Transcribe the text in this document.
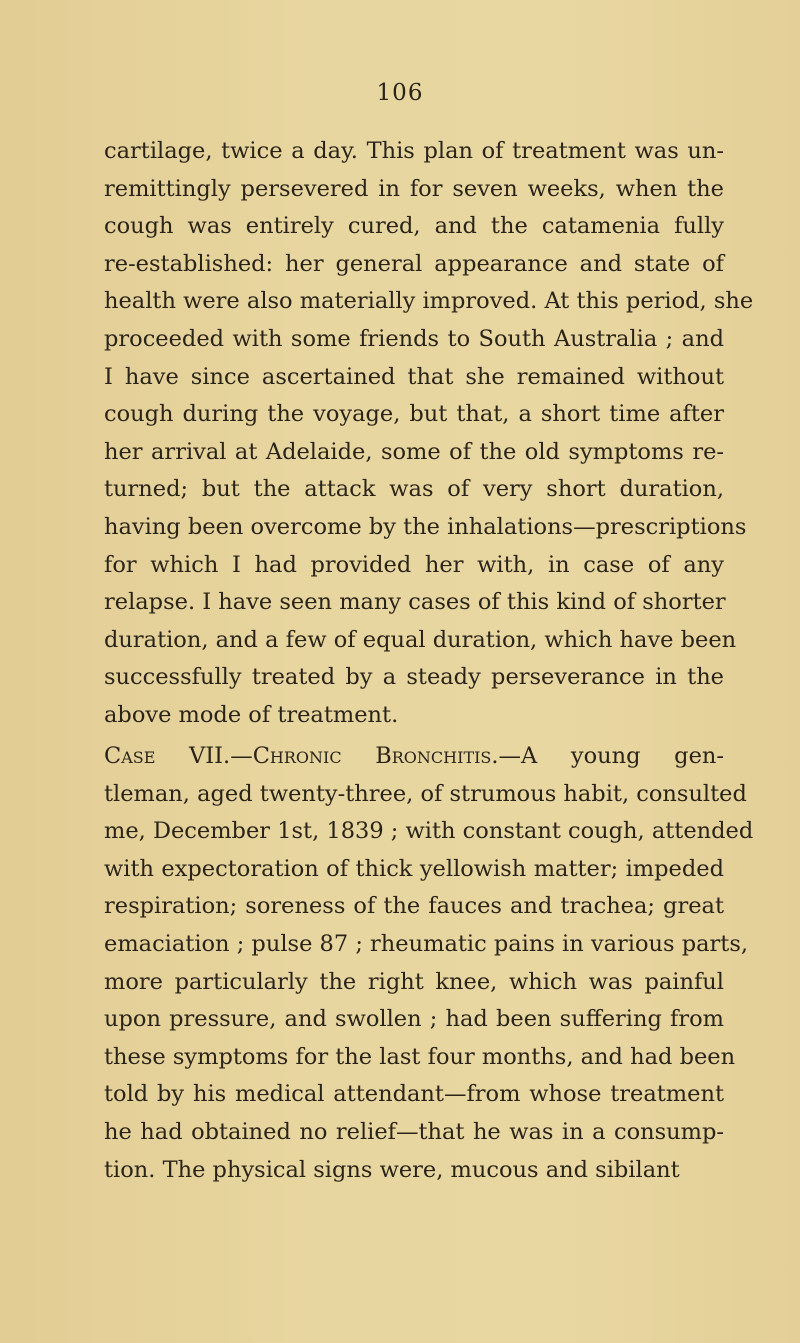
106
cartilage, twice a day. This plan of treatment was un-
remittingly persevered in for seven weeks, when the
cough was entirely cured, and the catamenia fully
re-established: her general appearance and state of
health were also materially improved. At this period, she
proceeded with some friends to South Australia ; and
I have since ascertained that she remained without
cough during the voyage, but that, a short time after
her arrival at Adelaide, some of the old symptoms re-
turned; but the attack was of very short duration,
having been overcome by the inhalations—prescriptions
for which I had provided her with, in case of any
relapse. I have seen many cases of this kind of shorter
duration, and a few of equal duration, which have been
successfully treated by a steady perseverance in the
above mode of treatment.
Case VII.—Chronic Bronchitis.—A young gen-
tleman, aged twenty-three, of strumous habit, consulted
me, December 1st, 1839 ; with constant cough, attended
with expectoration of thick yellowish matter; impeded
respiration; soreness of the fauces and trachea; great
emaciation ; pulse 87 ; rheumatic pains in various parts,
more particularly the right knee, which was painful
upon pressure, and swollen ; had been suffering from
these symptoms for the last four months, and had been
told by his medical attendant—from whose treatment
he had obtained no relief—that he was in a consump-
tion. The physical signs were, mucous and sibilant
